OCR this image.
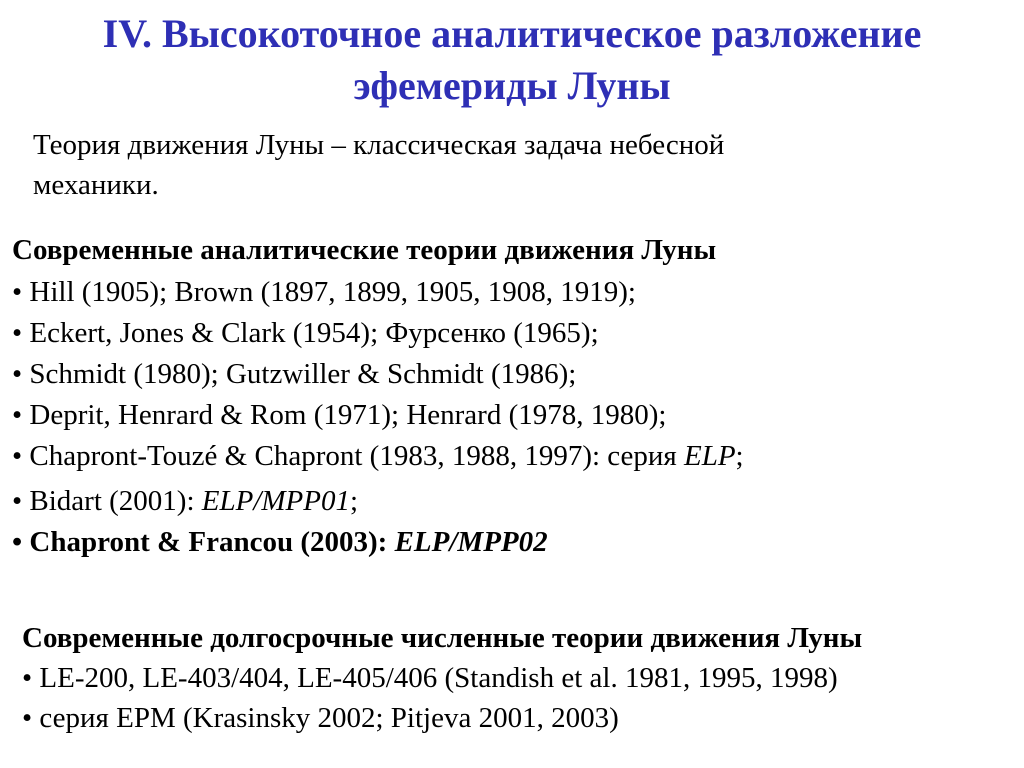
IV. Высокоточное аналитическое разложение
эфемериды Луны
Теория движения Луны – классическая задача небесной
механики.
Современные аналитические теории движения Луны
• Hill (1905); Brown (1897, 1899, 1905, 1908, 1919);
• Eckert, Jones & Clark (1954); Фурсенко (1965);
• Schmidt (1980); Gutzwiller & Schmidt (1986);
• Deprit, Henrard & Rom (1971); Henrard (1978, 1980);
• Chapront-Touzé & Chapront (1983, 1988, 1997): серия ELP;
• Bidart (2001): ELP/MPP01;
• Chapront & Francou (2003): ELP/MPP02
Современные долгосрочные численные теории движения Луны
• LE-200, LE-403/404, LE-405/406 (Standish et al. 1981, 1995, 1998)
• серия EPM (Krasinsky 2002; Pitjeva 2001, 2003)
